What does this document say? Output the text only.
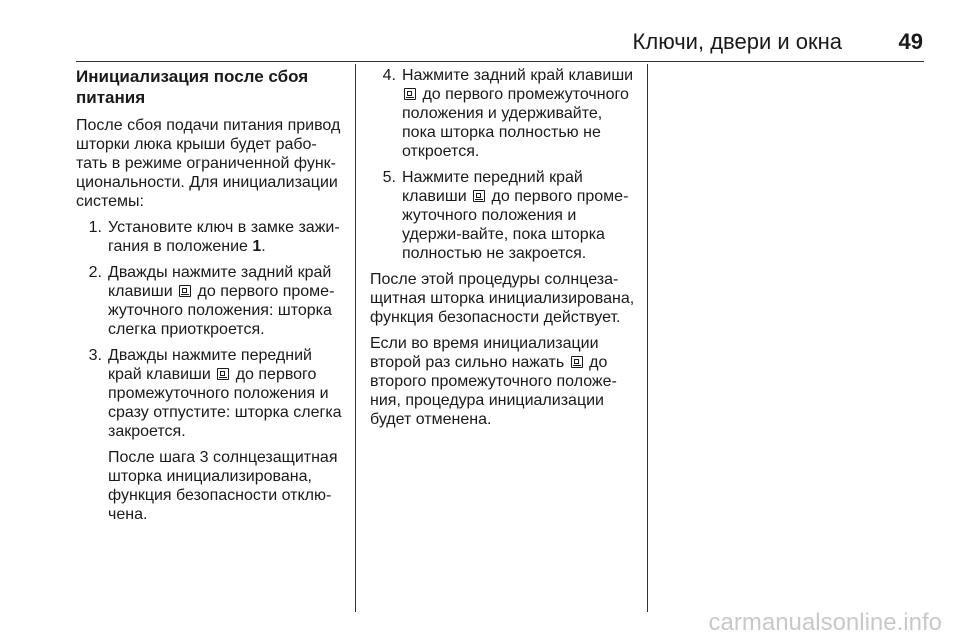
Ключи, двери и окна	49
Инициализация после сбоя питания

После сбоя подачи питания привод шторки люка крыши будет рабо-тать в режиме ограниченной функ-циональности. Для инициализации системы:

1. Установите ключ в замке зажи-гания в положение 1.

2. Дважды нажмите задний край клавиши  до первого проме-жуточного положения: шторка слегка приоткроется.

3. Дважды нажмите передний край клавиши  до первого промежуточного положения и сразу отпустите: шторка слегка закроется.

После шага 3 солнцезащитная шторка инициализирована, функция безопасности отклю-чена.

4. Нажмите задний край клавиши  до первого промежуточного положения и удерживайте, пока шторка полностью не откроется.

5. Нажмите передний край клавиши  до первого проме-жуточного положения и удержи-вайте, пока шторка полностью не закроется.

После этой процедуры солнцеза-щитная шторка инициализирована, функция безопасности действует.

Если во время инициализации второй раз сильно нажать  до второго промежуточного положе-ния, процедура инициализации будет отменена.

carmanualsonline.info
